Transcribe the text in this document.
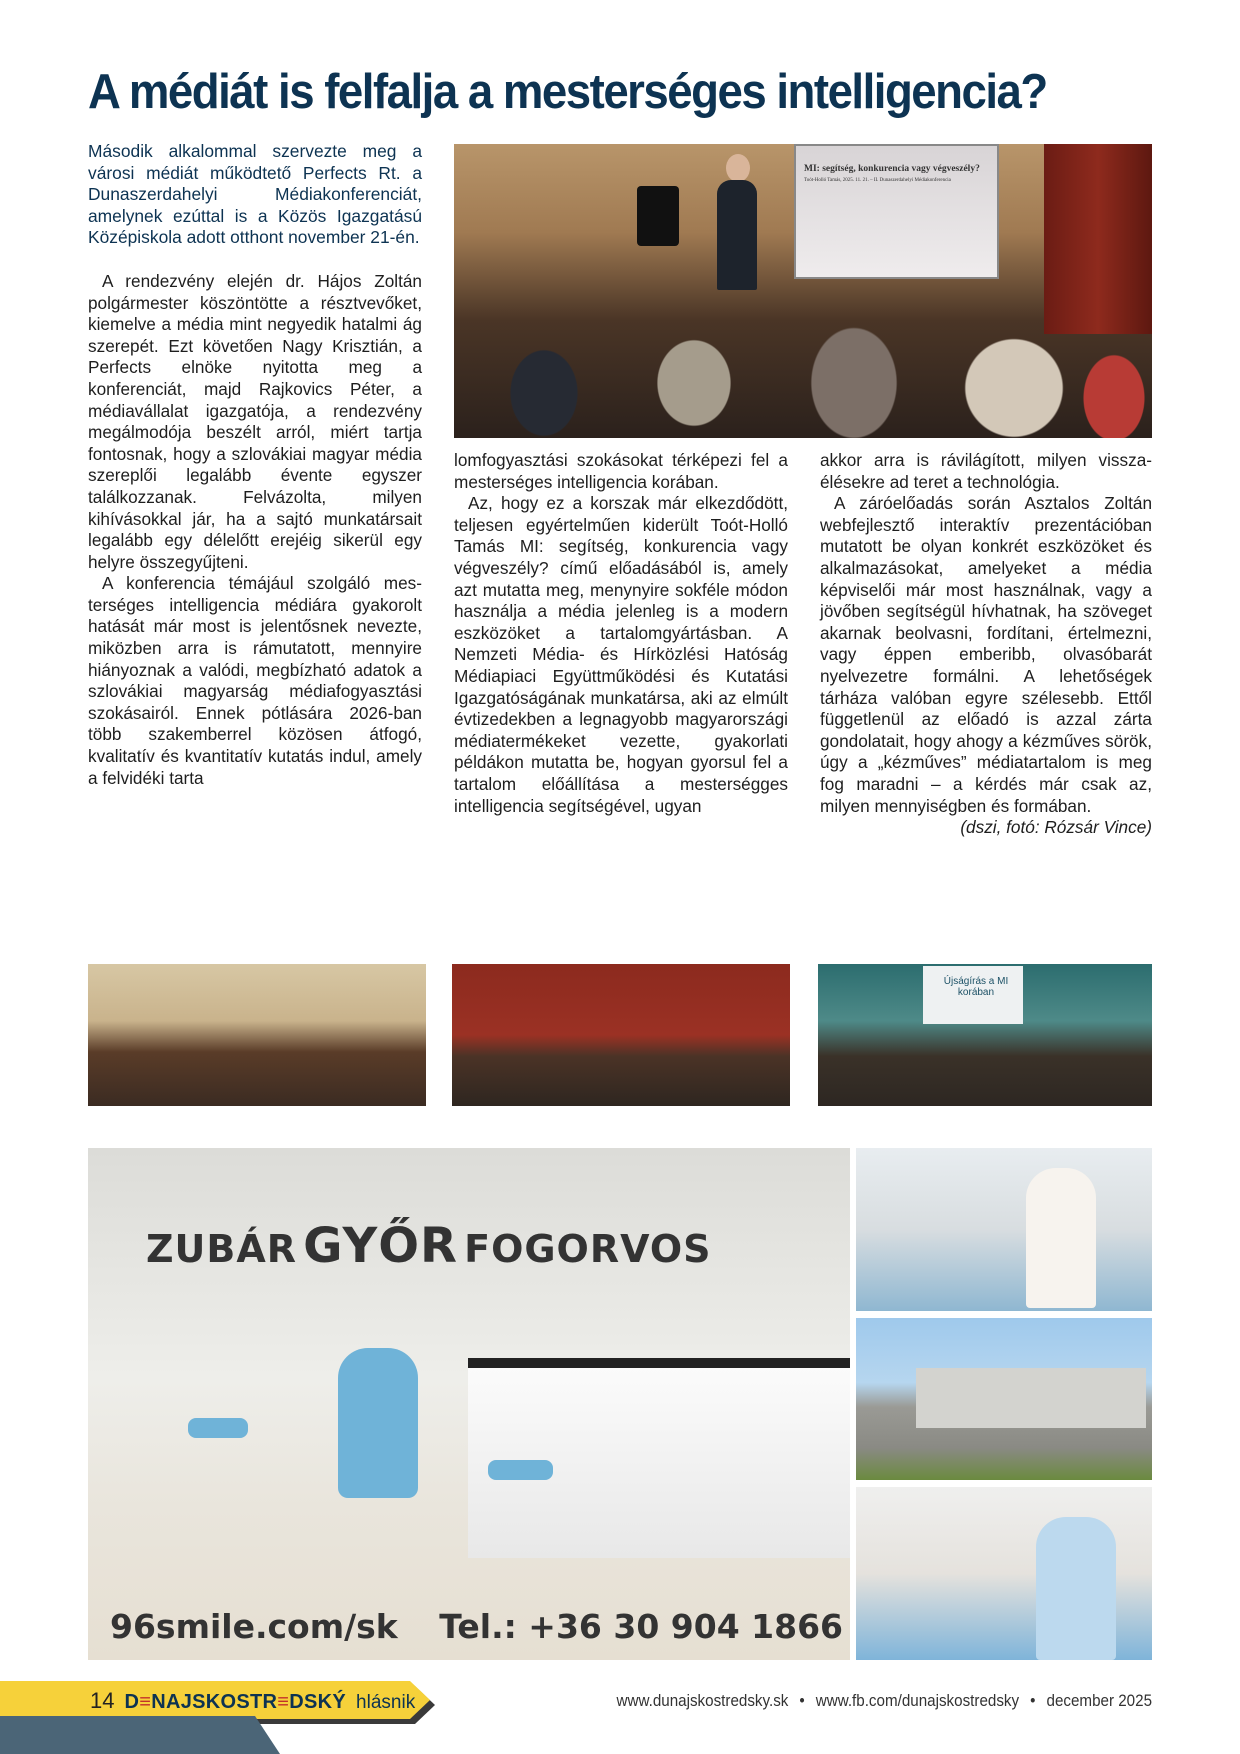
A médiát is felfalja a mesterséges intelligencia?

Második alkalommal szervezte meg a városi médiát működtető Perfects Rt. a Dunaszerdahelyi Médiakonferenciát, amelynek ezúttal is a Közös Igazgatású Középiskola adott otthont november 21-én.

A rendezvény elején dr. Hájos Zoltán polgármester köszöntötte a résztvevőket, kiemelve a média mint negyedik hatalmi ág szerepét. Ezt követően Nagy Krisztián, a Perfects elnöke nyitotta meg a konferenciát, majd Rajkovics Péter, a médiavállalat igazgatója, a rendezvény megálmodója beszélt arról, miért tartja fontosnak, hogy a szlovákiai magyar média szereplői legalább évente egyszer találkozzanak. Felvázolta, milyen kihívásokkal jár, ha a sajtó munkatársait legalább egy délelőtt erejéig sikerül egy helyre összegyűjteni.

A konferencia témájául szolgáló mesterséges intelligencia médiára gyakorolt hatását már most is jelentősnek nevezte, miközben arra is rámutatott, mennyire hiányoznak a valódi, megbízható adatok a szlovákiai magyarság médiafogyasztási szokásairól. Ennek pótlására 2026-ban több szakemberrel közösen átfogó, kvalitatív és kvantitatív kutatás indul, amely a felvidéki tarta

MI: segítség, konkurencia vagy végveszély?
Toót-Holló Tamás, 2025. 11. 21. – II. Dunaszerdahelyi Médiakonferencia

lomfogyasztási szokásokat térképezi fel a mesterséges intelligencia korában.

Az, hogy ez a korszak már elkezdődött, teljesen egyértelműen kiderült Toót-Holló Tamás MI: segítség, konkurencia vagy végveszély? című előadásából is, amely azt mutatta meg, menynyire sokféle módon használja a média jelenleg is a modern eszközöket a tartalomgyártásban. A Nemzeti Média- és Hírközlési Hatóság Médiapiaci Együttműködési és Kutatási Igazgatóságának munkatársa, aki az elmúlt évtizedekben a legnagyobb magyarországi médiatermékeket vezette, gyakorlati példákon mutatta be, hogyan gyorsul fel a tartalom előállítása a mesterségges intelligencia segítségével, ugyan

akkor arra is rávilágított, milyen visszaélésekre ad teret a technológia.

A záróelőadás során Asztalos Zoltán webfejlesztő interaktív prezentációban mutatott be olyan konkrét eszközöket és alkalmazásokat, amelyeket a média képviselői már most használnak, vagy a jövőben segítségül hívhatnak, ha szöveget akarnak beolvasni, fordítani, értelmezni, vagy éppen emberibb, olvasóbarát nyelvezetre formálni. A lehetőségek tárháza valóban egyre szélesebb. Ettől függetlenül az előadó is azzal zárta gondolatait, hogy ahogy a kézműves sörök, úgy a „kézműves” médiatartalom is meg fog maradni – a kérdés már csak az, milyen mennyiségben és formában.

(dszi, fotó: Rózsár Vince)

Újságírás a MI korában
ZUBÁR GYŐR FOGORVOS
96smile.com/sk Tel.: +36 30 904 1866
14 D≡NAJSKOSTR≡DSKÝ hlásnik	www.dunajskostredsky.sk • www.fb.com/dunajskostredsky • december 2025
